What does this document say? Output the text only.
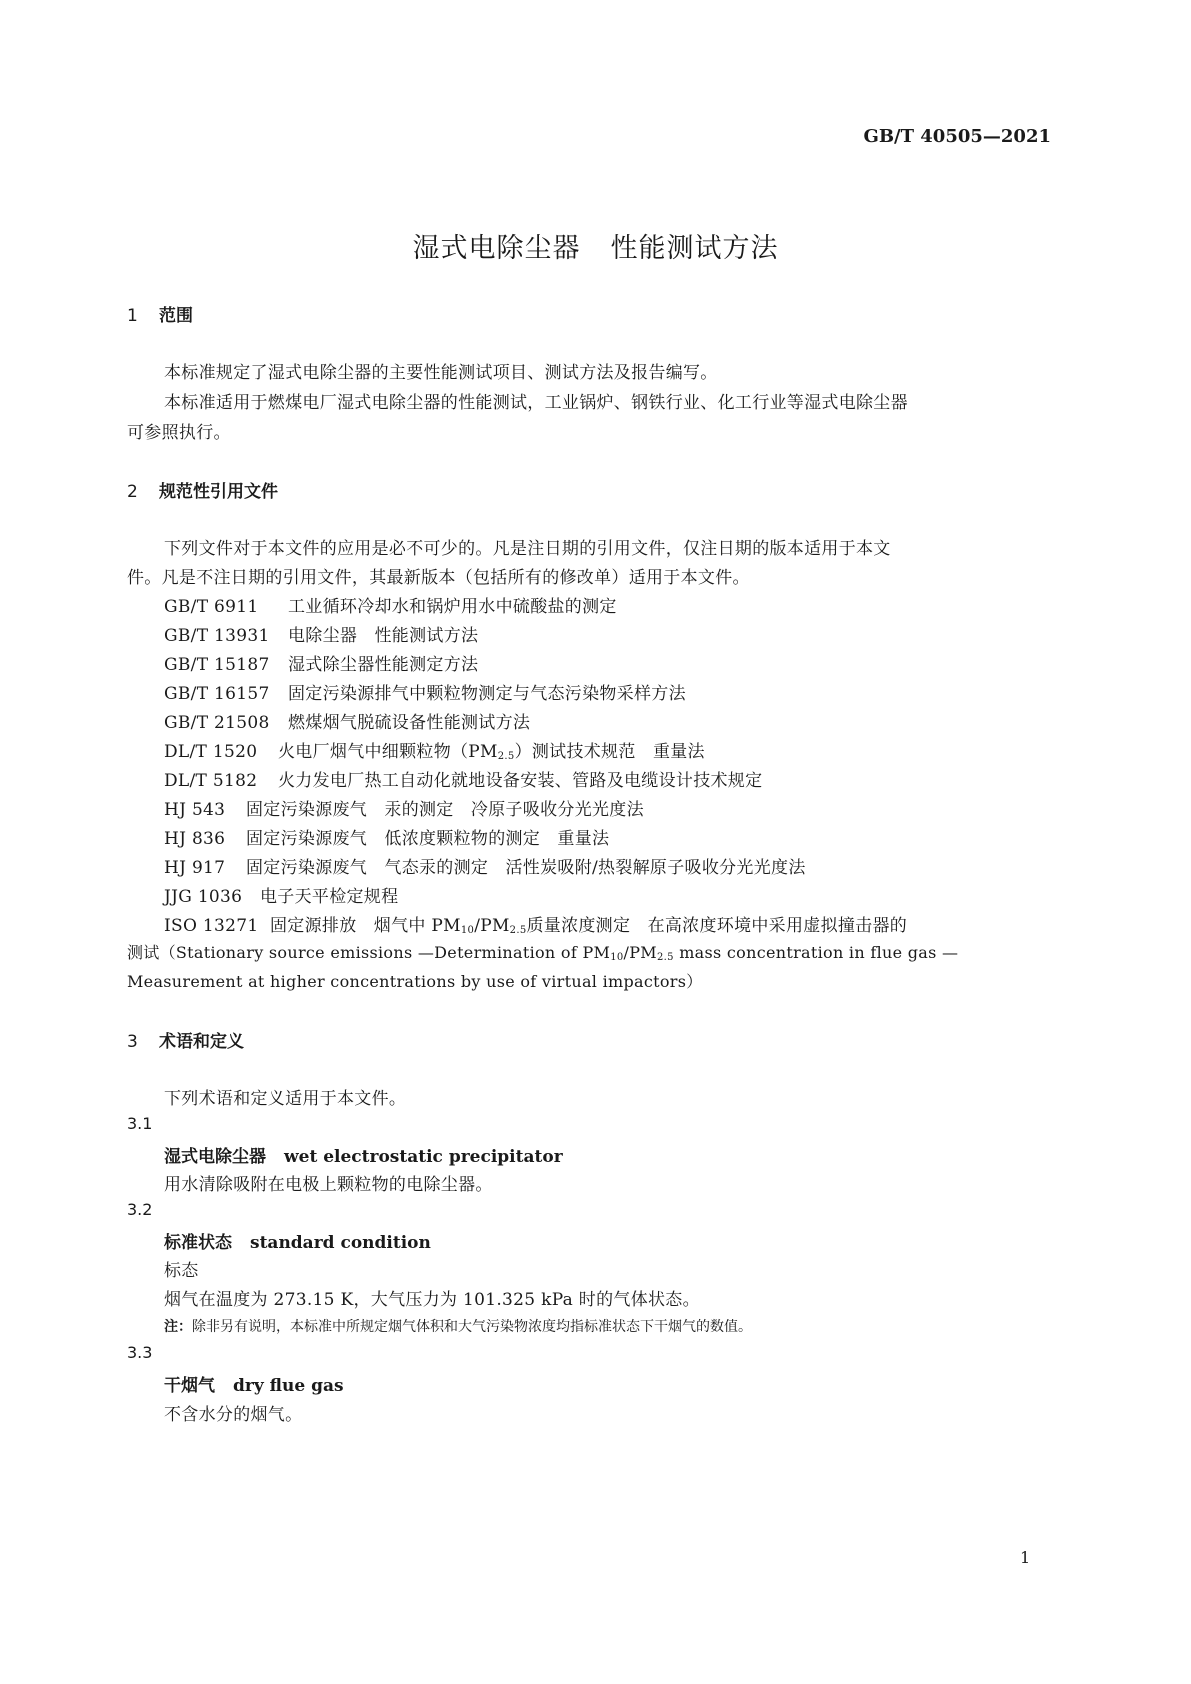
GB/T 40505—2021
湿式电除尘器 性能测试方法
1 范围
本标准规定了湿式电除尘器的主要性能测试项目、测试方法及报告编写。
本标准适用于燃煤电厂湿式电除尘器的性能测试，工业锅炉、钢铁行业、化工行业等湿式电除尘器
可参照执行。
2 规范性引用文件
下列文件对于本文件的应用是必不可少的。凡是注日期的引用文件，仅注日期的版本适用于本文
件。凡是不注日期的引用文件，其最新版本（包括所有的修改单）适用于本文件。
GB/T 6911 工业循环冷却水和锅炉用水中硫酸盐的测定
GB/T 13931 电除尘器　性能测试方法
GB/T 15187 湿式除尘器性能测定方法
GB/T 16157 固定污染源排气中颗粒物测定与气态污染物采样方法
GB/T 21508 燃煤烟气脱硫设备性能测试方法
DL/T 1520 火电厂烟气中细颗粒物$(PM_{2.5})$测试技术规范　重量法
DL/T 5182 火力发电厂热工自动化就地设备安装、管路及电缆设计技术规定
HJ 543 固定污染源废气　汞的测定　冷原子吸收分光光度法
HJ 836 固定污染源废气　低浓度颗粒物的测定　重量法
HJ 917 固定污染源废气　气态汞的测定　活性炭吸附/热裂解原子吸收分光光度法
JJG 1036 电子天平检定规程
ISO 13271 固定源排放　烟气中 $PM_{10}/PM_{2.5}$质量浓度测定　在高浓度环境中采用虚拟撞击器的
测试（Stationary source emissions —Determination of $PM_{10}/PM_{2.5}$ mass concentration in flue gas —
Measurement at higher concentrations by use of virtual impactors）
3 术语和定义
下列术语和定义适用于本文件。
3.1
湿式电除尘器 wet electrostatic precipitator
用水清除吸附在电极上颗粒物的电除尘器。
3.2
标准状态 standard condition
标态
烟气在温度为 273.15 K，大气压力为 101.325 kPa 时的气体状态。
注：除非另有说明，本标准中所规定烟气体积和大气污染物浓度均指标准状态下干烟气的数值。
3.3
干烟气 dry flue gas
不含水分的烟气。
1
